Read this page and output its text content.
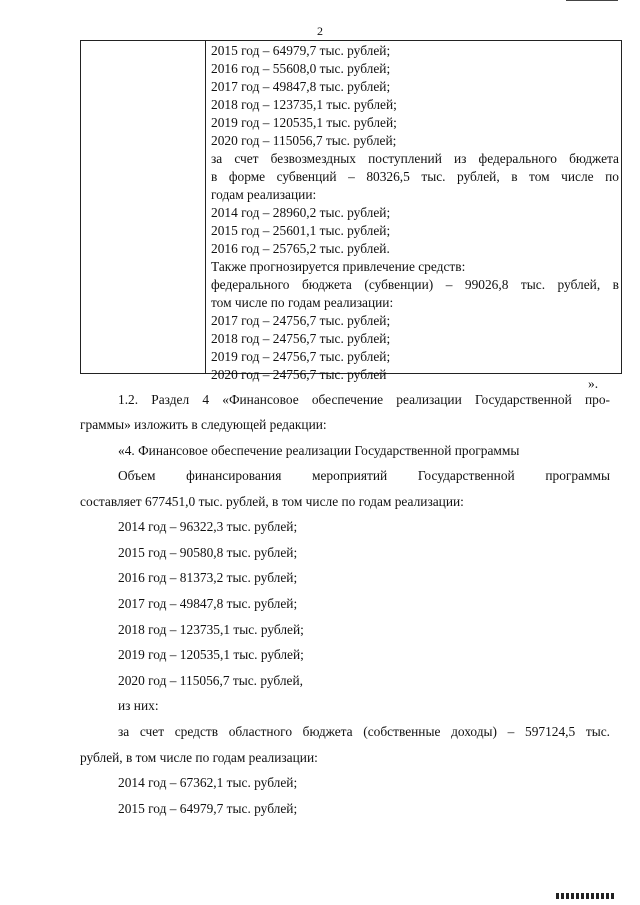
2
2015 год – 64979,7 тыс. рублей;
2016 год – 55608,0 тыс. рублей;
2017 год – 49847,8 тыс. рублей;
2018 год – 123735,1 тыс. рублей;
2019 год – 120535,1 тыс. рублей;
2020 год – 115056,7 тыс. рублей;
за счет безвозмездных поступлений из федерального бюджета
в форме субвенций – 80326,5 тыс. рублей, в том числе по
годам реализации:
2014 год – 28960,2 тыс. рублей;
2015 год – 25601,1 тыс. рублей;
2016 год – 25765,2 тыс. рублей.
Также прогнозируется привлечение средств:
федерального бюджета (субвенции) – 99026,8 тыс. рублей, в
том числе по годам реализации:
2017 год – 24756,7 тыс. рублей;
2018 год – 24756,7 тыс. рублей;
2019 год – 24756,7 тыс. рублей;
2020 год – 24756,7 тыс. рублей
».
1.2. Раздел 4 «Финансовое обеспечение реализации Государственной про-
граммы» изложить в следующей редакции:
«4. Финансовое обеспечение реализации Государственной программы
Объем финансирования мероприятий Государственной программы
составляет 677451,0 тыс. рублей, в том числе по годам реализации:
2014 год – 96322,3 тыс. рублей;
2015 год – 90580,8 тыс. рублей;
2016 год – 81373,2 тыс. рублей;
2017 год – 49847,8 тыс. рублей;
2018 год – 123735,1 тыс. рублей;
2019 год – 120535,1 тыс. рублей;
2020 год – 115056,7 тыс. рублей,
из них:
за счет средств областного бюджета (собственные доходы) – 597124,5 тыс.
рублей, в том числе по годам реализации:
2014 год – 67362,1 тыс. рублей;
2015 год – 64979,7 тыс. рублей;
